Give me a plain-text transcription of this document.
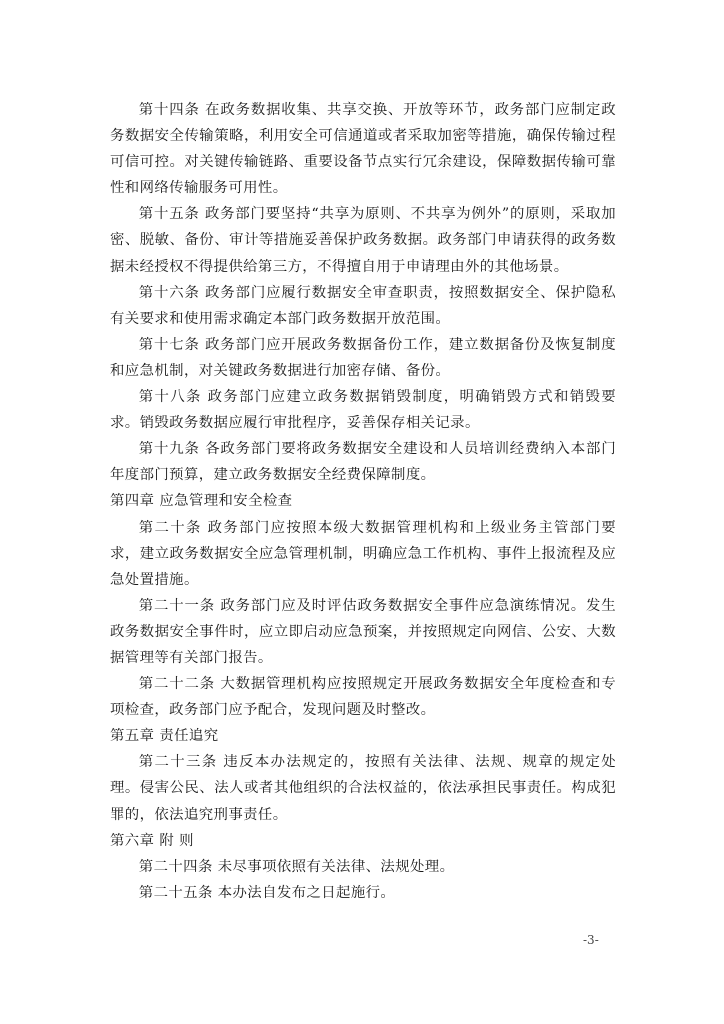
第十四条 在政务数据收集、共享交换、开放等环节，政务部门应制定政务数据安全传输策略，利用安全可信通道或者采取加密等措施，确保传输过程可信可控。对关键传输链路、重要设备节点实行冗余建设，保障数据传输可靠性和网络传输服务可用性。

第十五条 政务部门要坚持“共享为原则、不共享为例外”的原则，采取加密、脱敏、备份、审计等措施妥善保护政务数据。政务部门申请获得的政务数据未经授权不得提供给第三方，不得擅自用于申请理由外的其他场景。

第十六条 政务部门应履行数据安全审查职责，按照数据安全、保护隐私有关要求和使用需求确定本部门政务数据开放范围。

第十七条 政务部门应开展政务数据备份工作，建立数据备份及恢复制度和应急机制，对关键政务数据进行加密存储、备份。

第十八条 政务部门应建立政务数据销毁制度，明确销毁方式和销毁要求。销毁政务数据应履行审批程序，妥善保存相关记录。

第十九条 各政务部门要将政务数据安全建设和人员培训经费纳入本部门年度部门预算，建立政务数据安全经费保障制度。

第四章 应急管理和安全检查

第二十条 政务部门应按照本级大数据管理机构和上级业务主管部门要求，建立政务数据安全应急管理机制，明确应急工作机构、事件上报流程及应急处置措施。

第二十一条 政务部门应及时评估政务数据安全事件应急演练情况。发生政务数据安全事件时，应立即启动应急预案，并按照规定向网信、公安、大数据管理等有关部门报告。

第二十二条 大数据管理机构应按照规定开展政务数据安全年度检查和专项检查，政务部门应予配合，发现问题及时整改。

第五章 责任追究

第二十三条 违反本办法规定的，按照有关法律、法规、规章的规定处理。侵害公民、法人或者其他组织的合法权益的，依法承担民事责任。构成犯罪的，依法追究刑事责任。

第六章 附 则

第二十四条 未尽事项依照有关法律、法规处理。

第二十五条 本办法自发布之日起施行。

-3-
